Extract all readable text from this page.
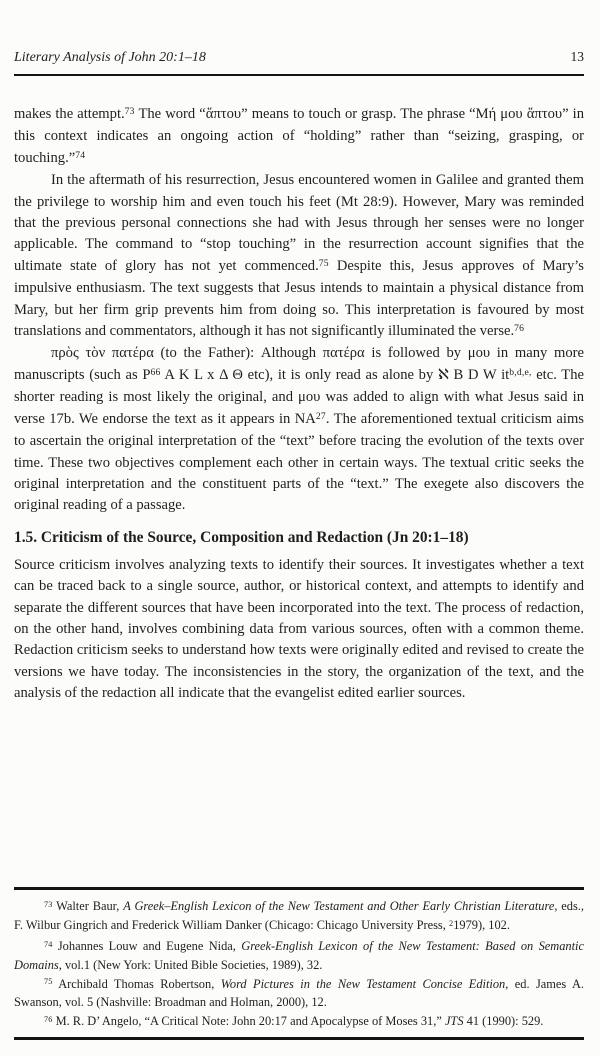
Literary Analysis of John 20:1–18	13

makes the attempt.$^{73}$ The word “ἅπτου” means to touch or grasp. The phrase “Μή μου ἅπτου” in this context indicates an ongoing action of “holding” rather than “seizing, grasping, or touching.”$^{74}$

In the aftermath of his resurrection, Jesus encountered women in Galilee and granted them the privilege to worship him and even touch his feet (Mt 28:9). However, Mary was reminded that the previous personal connections she had with Jesus through her senses were no longer applicable. The command to “stop touching” in the resurrection account signifies that the ultimate state of glory has not yet commenced.$^{75}$ Despite this, Jesus approves of Mary’s impulsive enthusiasm. The text suggests that Jesus intends to maintain a physical distance from Mary, but her firm grip prevents him from doing so. This interpretation is favoured by most translations and commentators, although it has not significantly illuminated the verse.$^{76}$

πρὸς τὸν πατέρα (to the Father): Although πατέρα is followed by μου in many more manuscripts (such as $P^{66}$ A K L x Δ Θ etc), it is only read as alone by ℵ B D W $it^{b,d,e,}$ etc. The shorter reading is most likely the original, and μου was added to align with what Jesus said in verse 17b. We endorse the text as it appears in NA$^{27}$. The aforementioned textual criticism aims to ascertain the original interpretation of the “text” before tracing the evolution of the texts over time. These two objectives complement each other in certain ways. The textual critic seeks the original interpretation and the constituent parts of the “text.” The exegete also discovers the original reading of a passage.

1.5. Criticism of the Source, Composition and Redaction (Jn 20:1–18)

Source criticism involves analyzing texts to identify their sources. It investigates whether a text can be traced back to a single source, author, or historical context, and attempts to identify and separate the different sources that have been incorporated into the text. The process of redaction, on the other hand, involves combining data from various sources, often with a common theme. Redaction criticism seeks to understand how texts were originally edited and revised to create the versions we have today. The inconsistencies in the story, the organization of the text, and the analysis of the redaction all indicate that the evangelist edited earlier sources.

$^{73}$ Walter Baur, A Greek–English Lexicon of the New Testament and Other Early Christian Literature, eds., F. Wilbur Gingrich and Frederick William Danker (Chicago: Chicago University Press, $^2$1979), 102.

$^{74}$ Johannes Louw and Eugene Nida, Greek-English Lexicon of the New Testament: Based on Semantic Domains, vol.1 (New York: United Bible Societies, 1989), 32.

$^{75}$ Archibald Thomas Robertson, Word Pictures in the New Testament Concise Edition, ed. James A. Swanson, vol. 5 (Nashville: Broadman and Holman, 2000), 12.

$^{76}$ M. R. D’ Angelo, “A Critical Note: John 20:17 and Apocalypse of Moses 31,” JTS 41 (1990): 529.
